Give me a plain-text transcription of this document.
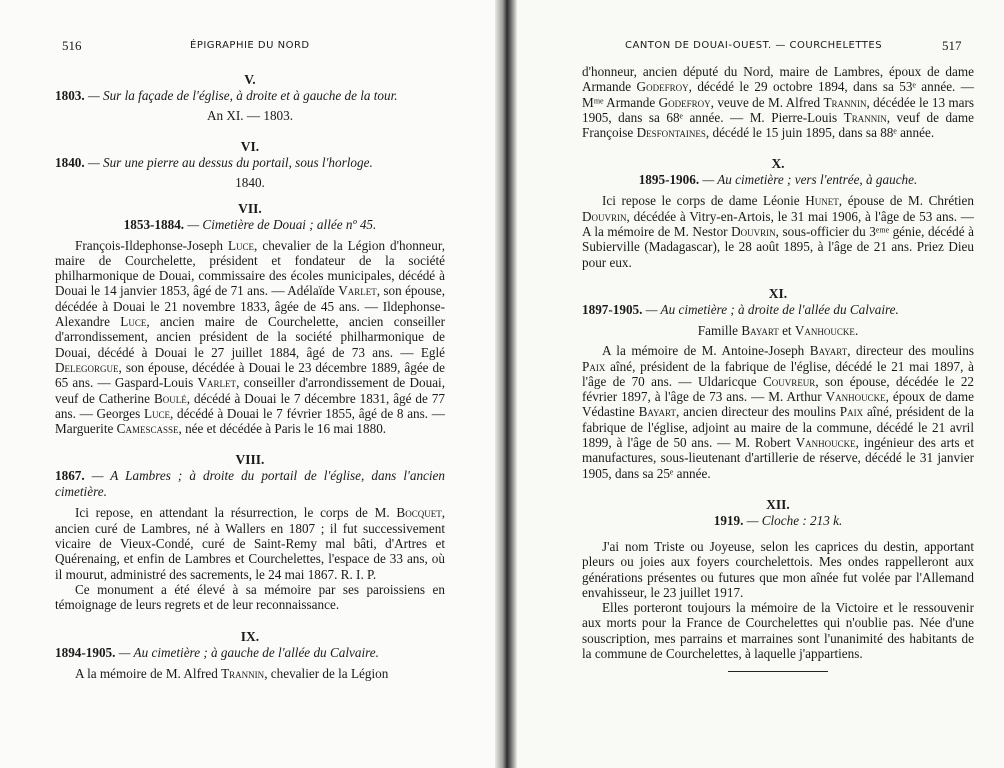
516	ÉPIGRAPHIE DU NORD
V.

1803. — Sur la façade de l'église, à droite et à gauche de la tour.

An XI. — 1803.

VI.

1840. — Sur une pierre au dessus du portail, sous l'horloge.

1840.

VII.

1853-1884. — Cimetière de Douai ; allée nº 45.

François-Ildephonse-Joseph Luce, chevalier de la Légion d'honneur, maire de Courchelette, président et fondateur de la société philharmonique de Douai, commissaire des écoles municipales, décédé à Douai le 14 janvier 1853, âgé de 71 ans. — Adélaïde Varlet, son épouse, décédée à Douai le 21 novembre 1833, âgée de 45 ans. — Ildephonse-Alexandre Luce, ancien maire de Courchelette, ancien conseiller d'arrondissement, ancien président de la société philharmonique de Douai, décédé à Douai le 27 juillet 1884, âgé de 73 ans. — Eglé Delegorgue, son épouse, décédée à Douai le 23 décembre 1889, âgée de 65 ans. — Gaspard-Louis Varlet, conseiller d'arrondissement de Douai, veuf de Catherine Boulé, décédé à Douai le 7 décembre 1831, âgé de 77 ans. — Georges Luce, décédé à Douai le 7 février 1855, âgé de 8 ans. — Marguerite Camescasse, née et décédée à Paris le 16 mai 1880.

VIII.

1867. — A Lambres ; à droite du portail de l'église, dans l'ancien cimetière.

Ici repose, en attendant la résurrection, le corps de M. Bocquet, ancien curé de Lambres, né à Wallers en 1807 ; il fut successivement vicaire de Vieux-Condé, curé de Saint-Remy mal bâti, d'Artres et Quérenaing, et enfin de Lambres et Courchelettes, l'espace de 33 ans, où il mourut, administré des sacrements, le 24 mai 1867. R. I. P.

Ce monument a été élevé à sa mémoire par ses paroissiens en témoignage de leurs regrets et de leur reconnaissance.

IX.

1894-1905. — Au cimetière ; à gauche de l'allée du Calvaire.

A la mémoire de M. Alfred Trannin, chevalier de la Légion

CANTON DE DOUAI-OUEST. — COURCHELETTES	517

d'honneur, ancien député du Nord, maire de Lambres, époux de dame Armande Godefroy, décédé le 29 octobre 1894, dans sa 53ᵉ année. — Mᵐᵉ Armande Godefroy, veuve de M. Alfred Trannin, décédée le 13 mars 1905, dans sa 68ᵉ année. — M. Pierre-Louis Trannin, veuf de dame Françoise Desfontaines, décédé le 15 juin 1895, dans sa 88ᵉ année.

X.

1895-1906. — Au cimetière ; vers l'entrée, à gauche.

Ici repose le corps de dame Léonie Hunet, épouse de M. Chrétien Douvrin, décédée à Vitry-en-Artois, le 31 mai 1906, à l'âge de 53 ans. — A la mémoire de M. Nestor Douvrin, sous-officier du 3ᵉᵐᵉ génie, décédé à Subierville (Madagascar), le 28 août 1895, à l'âge de 21 ans. Priez Dieu pour eux.

XI.

1897-1905. — Au cimetière ; à droite de l'allée du Calvaire.

Famille Bayart et Vanhoucke.

A la mémoire de M. Antoine-Joseph Bayart, directeur des moulins Paix aîné, président de la fabrique de l'église, décédé le 21 mai 1897, à l'âge de 70 ans. — Uldaricque Couvreur, son épouse, décédée le 22 février 1897, à l'âge de 73 ans. — M. Arthur Vanhoucke, époux de dame Védastine Bayart, ancien directeur des moulins Paix aîné, président de la fabrique de l'église, adjoint au maire de la commune, décédé le 21 avril 1899, à l'âge de 50 ans. — M. Robert Vanhoucke, ingénieur des arts et manufactures, sous-lieutenant d'artillerie de réserve, décédé le 31 janvier 1905, dans sa 25ᵉ année.

XII.

1919. — Cloche : 213 k.

J'ai nom Triste ou Joyeuse, selon les caprices du destin, apportant pleurs ou joies aux foyers courchelettois. Mes ondes rappelleront aux générations présentes ou futures que mon aînée fut volée par l'Allemand envahisseur, le 23 juillet 1917.

Elles porteront toujours la mémoire de la Victoire et le ressouvenir aux morts pour la France de Courchelettes qui n'oublie pas. Née d'une souscription, mes parrains et marraines sont l'unanimité des habitants de la commune de Courchelettes, à laquelle j'appartiens.
